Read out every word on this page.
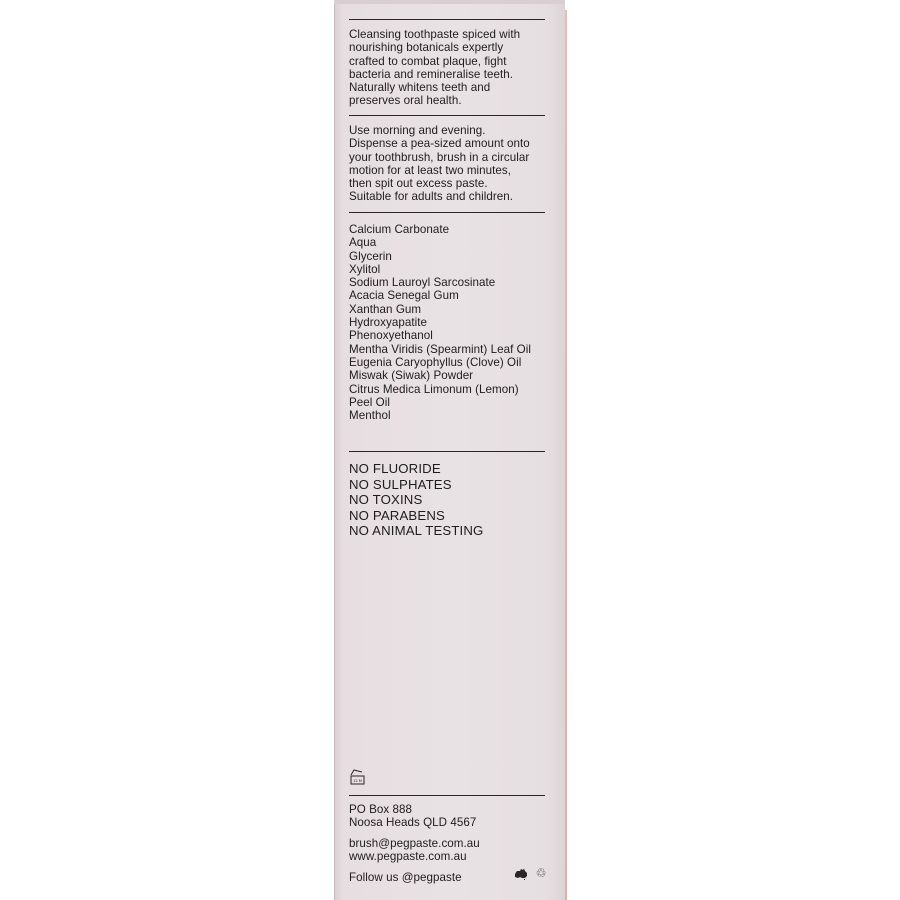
Cleansing toothpaste spiced with

nourishing botanicals expertly

crafted to combat plaque, fight

bacteria and remineralise teeth.

Naturally whitens teeth and

preserves oral health.

Use morning and evening.

Dispense a pea-sized amount onto

your toothbrush, brush in a circular

motion for at least two minutes,

then spit out excess paste.

Suitable for adults and children.

Calcium Carbonate
Aqua
Glycerin
Xylitol
Sodium Lauroyl Sarcosinate
Acacia Senegal Gum
Xanthan Gum
Hydroxyapatite
Phenoxyethanol
Mentha Viridis (Spearmint) Leaf Oil
Eugenia Caryophyllus (Clove) Oil
Miswak (Siwak) Powder
Citrus Medica Limonum (Lemon)
Peel Oil
Menthol
NO FLUORIDE
NO SULPHATES
NO TOXINS
NO PARABENS
NO ANIMAL TESTING
12 M
PO Box 888
Noosa Heads QLD 4567
brush@pegpaste.com.au
www.pegpaste.com.au
Follow us @pegpaste	♲
